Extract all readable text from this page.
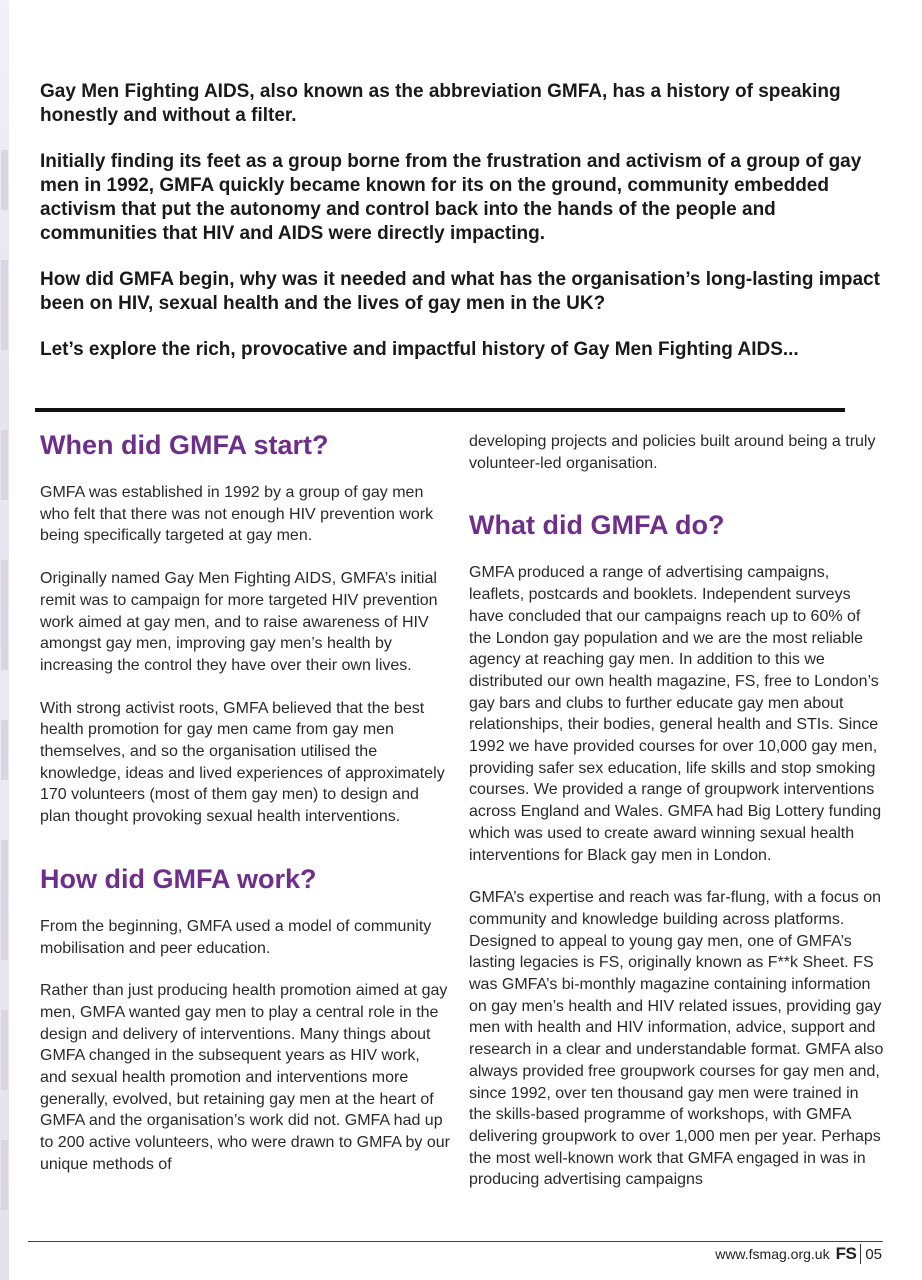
Gay Men Fighting AIDS, also known as the abbreviation GMFA, has a history of speaking honestly and without a filter.

Initially finding its feet as a group borne from the frustration and activism of a group of gay men in 1992, GMFA quickly became known for its on the ground, community embedded activism that put the autonomy and control back into the hands of the people and communities that HIV and AIDS were directly impacting.

How did GMFA begin, why was it needed and what has the organisation’s long-lasting impact been on HIV, sexual health and the lives of gay men in the UK?

Let’s explore the rich, provocative and impactful history of Gay Men Fighting AIDS...

When did GMFA start?

GMFA was established in 1992 by a group of gay men who felt that there was not enough HIV prevention work being specifically targeted at gay men.

Originally named Gay Men Fighting AIDS, GMFA’s initial remit was to campaign for more targeted HIV prevention work aimed at gay men, and to raise awareness of HIV amongst gay men, improving gay men’s health by increasing the control they have over their own lives.

With strong activist roots, GMFA believed that the best health promotion for gay men came from gay men themselves, and so the organisation utilised the knowledge, ideas and lived experiences of approximately 170 volunteers (most of them gay men) to design and plan thought provoking sexual health interventions.

How did GMFA work?

From the beginning, GMFA used a model of community mobilisation and peer education.

Rather than just producing health promotion aimed at gay men, GMFA wanted gay men to play a central role in the design and delivery of interventions. Many things about GMFA changed in the subsequent years as HIV work, and sexual health promotion and interventions more generally, evolved, but retaining gay men at the heart of GMFA and the organisation’s work did not. GMFA had up to 200 active volunteers, who were drawn to GMFA by our unique methods of

developing projects and policies built around being a truly volunteer-led organisation.

What did GMFA do?

GMFA produced a range of advertising campaigns, leaflets, postcards and booklets. Independent surveys have concluded that our campaigns reach up to 60% of the London gay population and we are the most reliable agency at reaching gay men. In addition to this we distributed our own health magazine, FS, free to London’s gay bars and clubs to further educate gay men about relationships, their bodies, general health and STIs. Since 1992 we have provided courses for over 10,000 gay men, providing safer sex education, life skills and stop smoking courses. We provided a range of groupwork interventions across England and Wales. GMFA had Big Lottery funding which was used to create award winning sexual health interventions for Black gay men in London.

GMFA’s expertise and reach was far-flung, with a focus on community and knowledge building across platforms. Designed to appeal to young gay men, one of GMFA’s lasting legacies is FS, originally known as F**k Sheet. FS was GMFA’s bi-monthly magazine containing information on gay men’s health and HIV related issues, providing gay men with health and HIV information, advice, support and research in a clear and understandable format. GMFA also always provided free groupwork courses for gay men and, since 1992, over ten thousand gay men were trained in the skills-based programme of workshops, with GMFA delivering groupwork to over 1,000 men per year. Perhaps the most well-known work that GMFA engaged in was in producing advertising campaigns

www.fsmag.org.uk FS 05
